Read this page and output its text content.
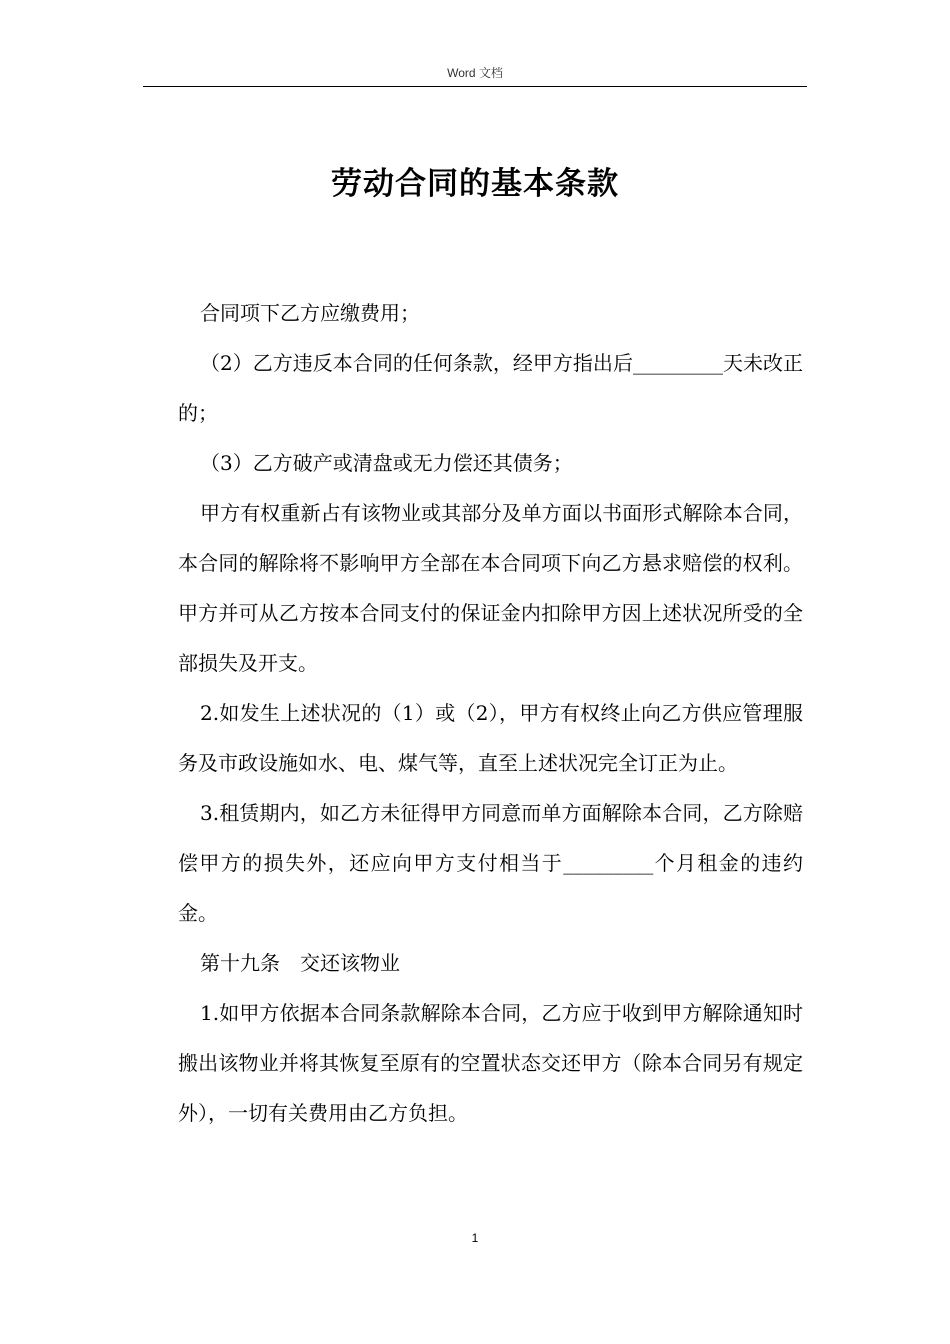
Word 文档
劳动合同的基本条款

合同项下乙方应缴费用；

（2）乙方违反本合同的任何条款，经甲方指出后_________天未改正的；

（3）乙方破产或清盘或无力偿还其债务；

甲方有权重新占有该物业或其部分及单方面以书面形式解除本合同，本合同的解除将不影响甲方全部在本合同项下向乙方悬求赔偿的权利。甲方并可从乙方按本合同支付的保证金内扣除甲方因上述状况所受的全部损失及开支。

2.如发生上述状况的（1）或（2），甲方有权终止向乙方供应管理服务及市政设施如水、电、煤气等，直至上述状况完全订正为止。

3.租赁期内，如乙方未征得甲方同意而单方面解除本合同，乙方除赔偿甲方的损失外，还应向甲方支付相当于_________个月租金的违约金。

第十九条　交还该物业

1.如甲方依据本合同条款解除本合同，乙方应于收到甲方解除通知时搬出该物业并将其恢复至原有的空置状态交还甲方（除本合同另有规定外），一切有关费用由乙方负担。

1
